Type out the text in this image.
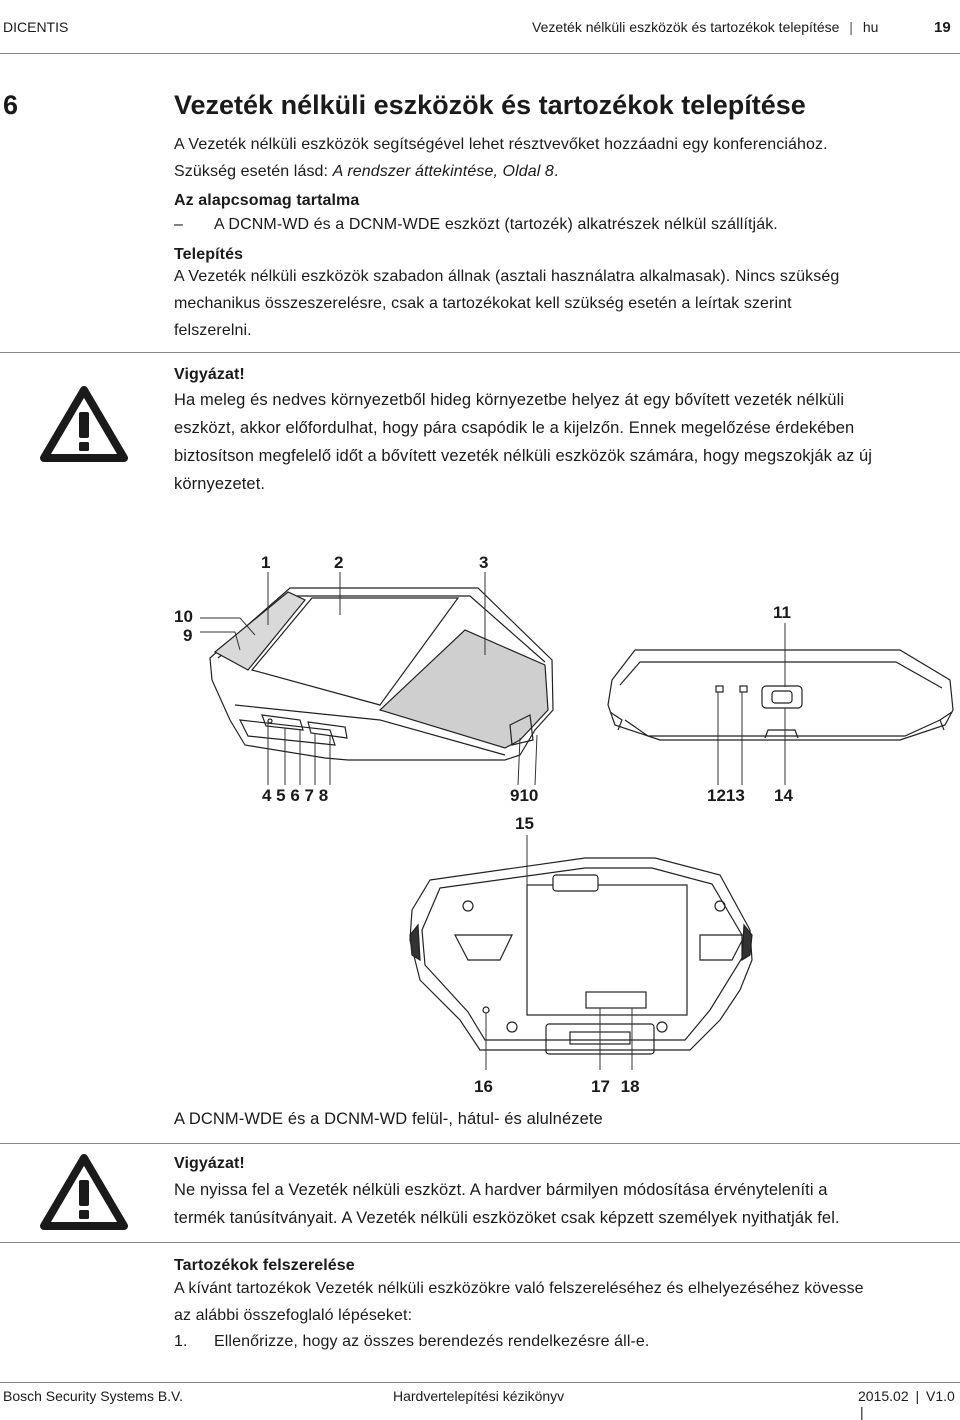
DICENTIS	Vezeték nélküli eszközök és tartozékok telepítése | hu	19
6	Vezeték nélküli eszközök és tartozékok telepítése
A Vezeték nélküli eszközök segítségével lehet résztvevőket hozzáadni egy konferenciához.
Szükség esetén lásd: A rendszer áttekintése, Oldal 8.
Az alapcsomag tartalma
– A DCNM-WD és a DCNM-WDE eszközt (tartozék) alkatrészek nélkül szállítják.
Telepítés
A Vezeték nélküli eszközök szabadon állnak (asztali használatra alkalmasak). Nincs szükség
mechanikus összeszerelésre, csak a tartozékokat kell szükség esetén a leírtak szerint
felszerelni.
Vigyázat!
Ha meleg és nedves környezetből hideg környezetbe helyez át egy bővített vezeték nélküli
eszközt, akkor előfordulhat, hogy pára csapódik le a kijelzőn. Ennek megelőzése érdekében
biztosítson megfelelő időt a bővített vezeték nélküli eszközök számára, hogy megszokják az új
környezetet.
1	2	3
10
9
11
4 5 6 7 8	910	1213 14
15
16	17 18
A DCNM-WDE és a DCNM-WD felül-, hátul- és alulnézete
Vigyázat!
Ne nyissa fel a Vezeték nélküli eszközt. A hardver bármilyen módosítása érvényteleníti a
termék tanúsítványait. A Vezeték nélküli eszközöket csak képzett személyek nyithatják fel.
Tartozékok felszerelése
A kívánt tartozékok Vezeték nélküli eszközökre való felszereléséhez és elhelyezéséhez kövesse
az alábbi összefoglaló lépéseket:
1. Ellenőrizze, hogy az összes berendezés rendelkezésre áll-e.
Bosch Security Systems B.V.	Hardvertelepítési kézikönyv	2015.02 | V1.0 |
